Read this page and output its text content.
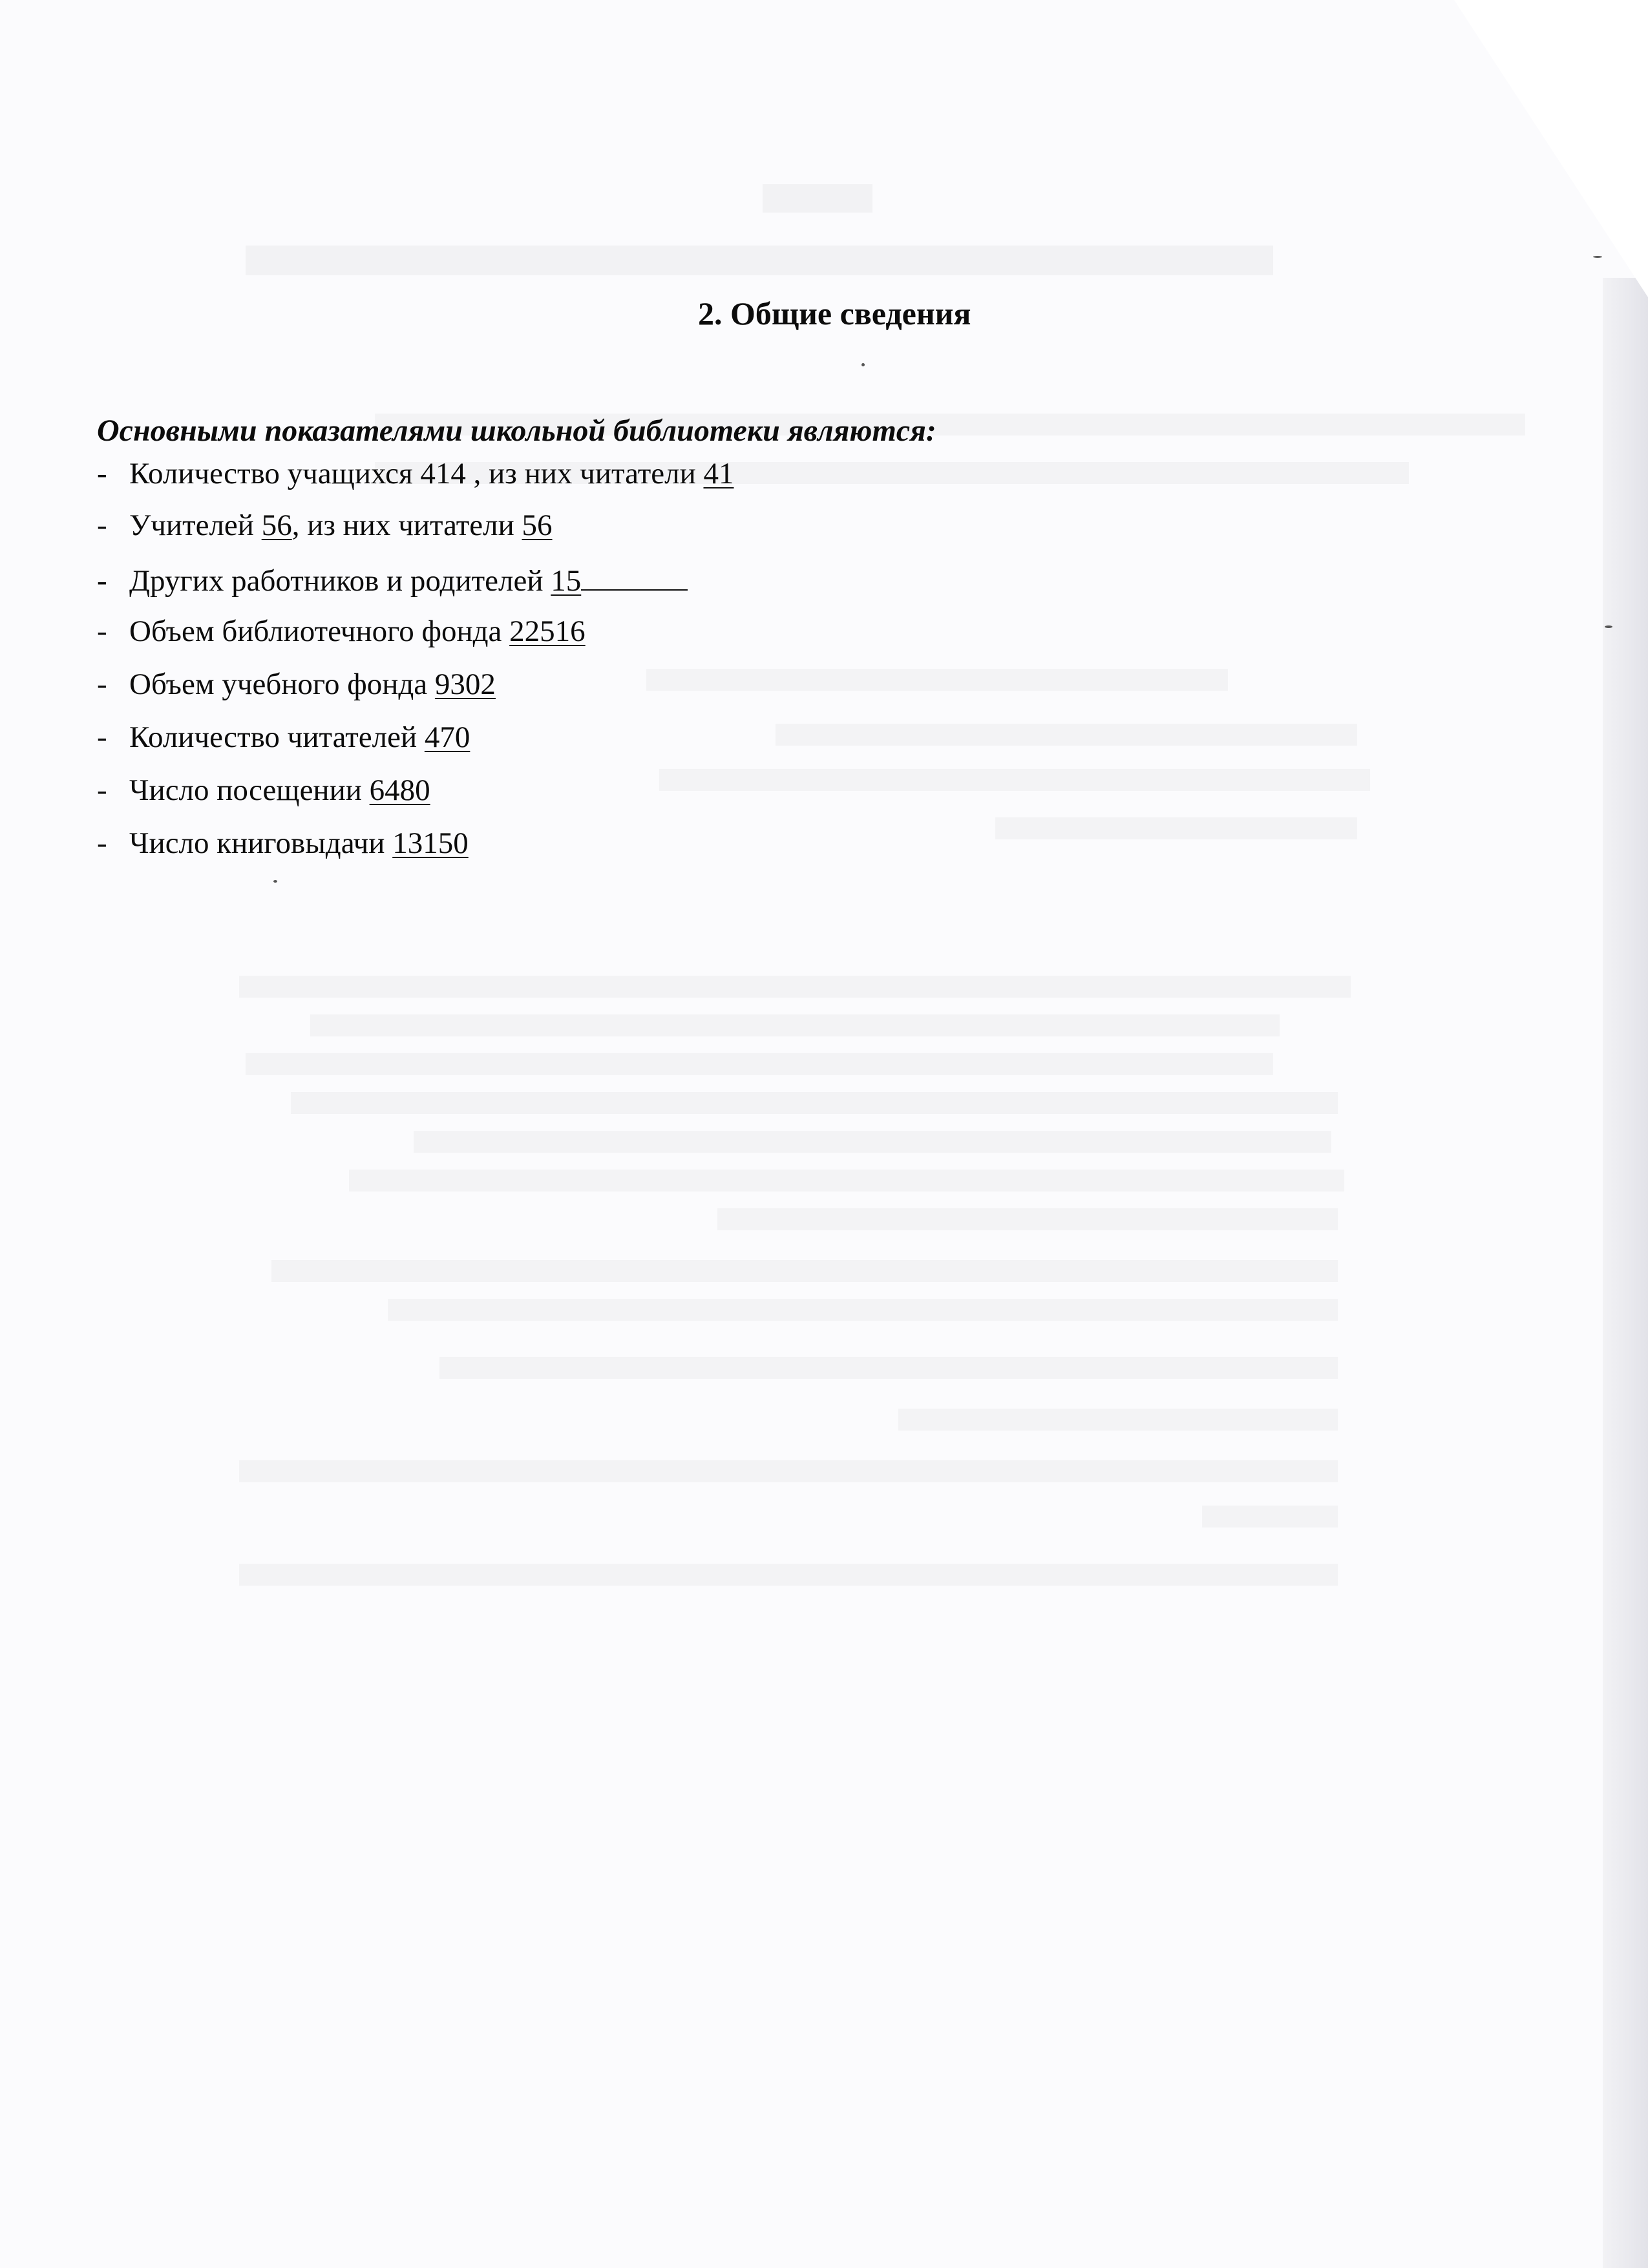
2. Общие сведения
Основными показателями школьной библиотеки являются:
- Количество учащихся 414 , из них читатели 41
- Учителей 56, из них читатели 56
- Других работников и родителей 15
- Объем библиотечного фонда 22516
- Объем учебного фонда 9302
- Количество читателей 470
- Число посещении 6480
- Число книговыдачи 13150
